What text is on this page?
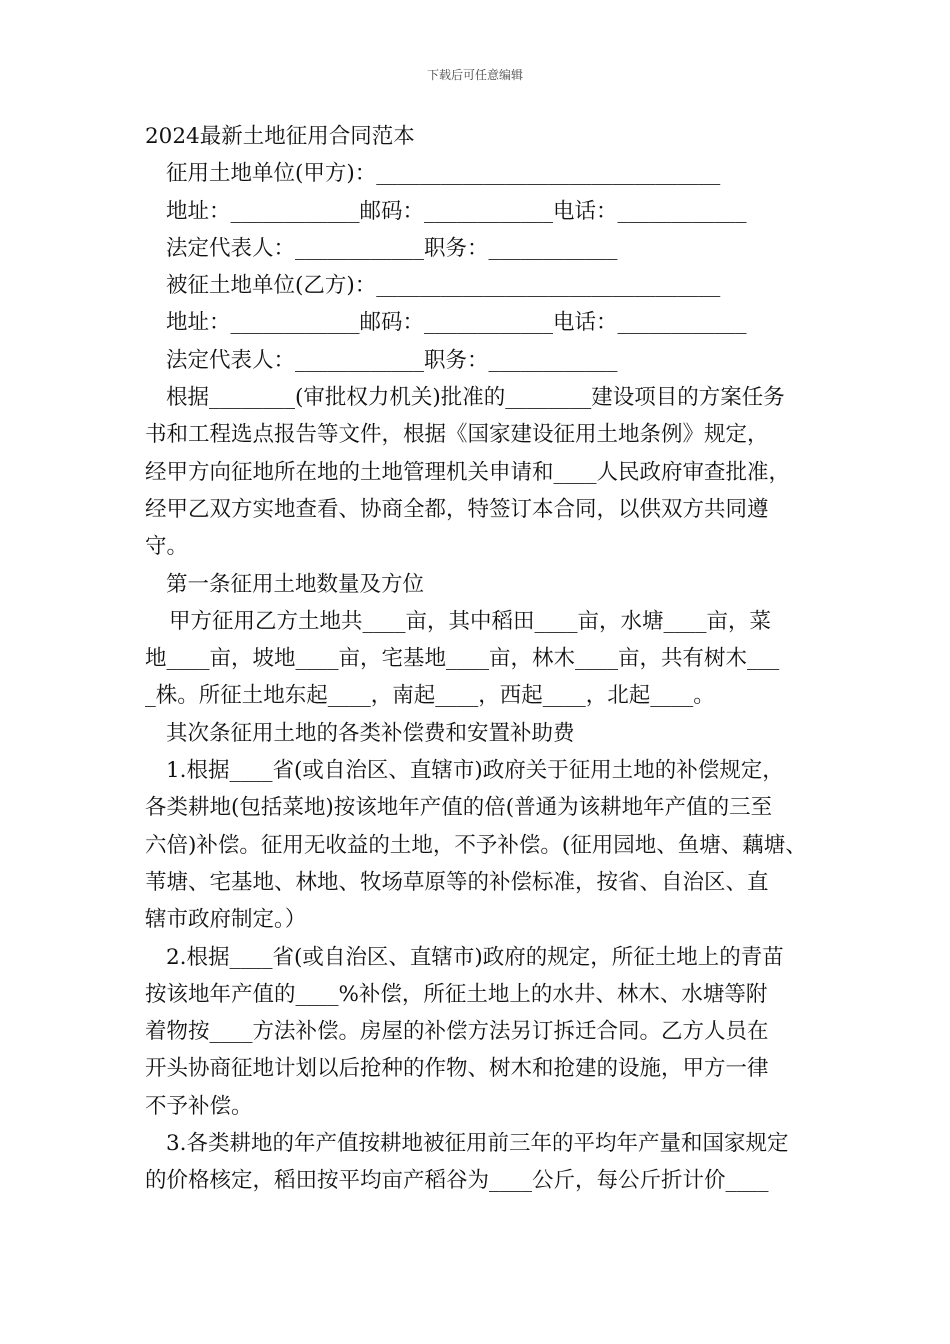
下载后可任意编辑

2024最新土地征用合同范本

征用土地单位(甲方)：________________________________

地址：____________邮码：____________电话：____________

法定代表人：____________职务：____________

被征土地单位(乙方)：________________________________

地址：____________邮码：____________电话：____________

法定代表人：____________职务：____________

根据________(审批权力机关)批准的________建设项目的方案任务

书和工程选点报告等文件，根据《国家建设征用土地条例》规定，

经甲方向征地所在地的土地管理机关申请和____人民政府审查批准，

经甲乙双方实地查看、协商全都，特签订本合同，以供双方共同遵

守。

第一条征用土地数量及方位

甲方征用乙方土地共____亩，其中稻田____亩，水塘____亩，菜

地____亩，坡地____亩，宅基地____亩，林木____亩，共有树木___

_株。所征土地东起____，南起____，西起____，北起____。

其次条征用土地的各类补偿费和安置补助费

1.根据____省(或自治区、直辖市)政府关于征用土地的补偿规定，

各类耕地(包括菜地)按该地年产值的倍(普通为该耕地年产值的三至

六倍)补偿。征用无收益的土地，不予补偿。(征用园地、鱼塘、藕塘、

苇塘、宅基地、林地、牧场草原等的补偿标准，按省、自治区、直

辖市政府制定。）

2.根据____省(或自治区、直辖市)政府的规定，所征土地上的青苗

按该地年产值的____%补偿，所征土地上的水井、林木、水塘等附

着物按____方法补偿。房屋的补偿方法另订拆迁合同。乙方人员在

开头协商征地计划以后抢种的作物、树木和抢建的设施，甲方一律

不予补偿。

3.各类耕地的年产值按耕地被征用前三年的平均年产量和国家规定

的价格核定，稻田按平均亩产稻谷为____公斤，每公斤折计价____
